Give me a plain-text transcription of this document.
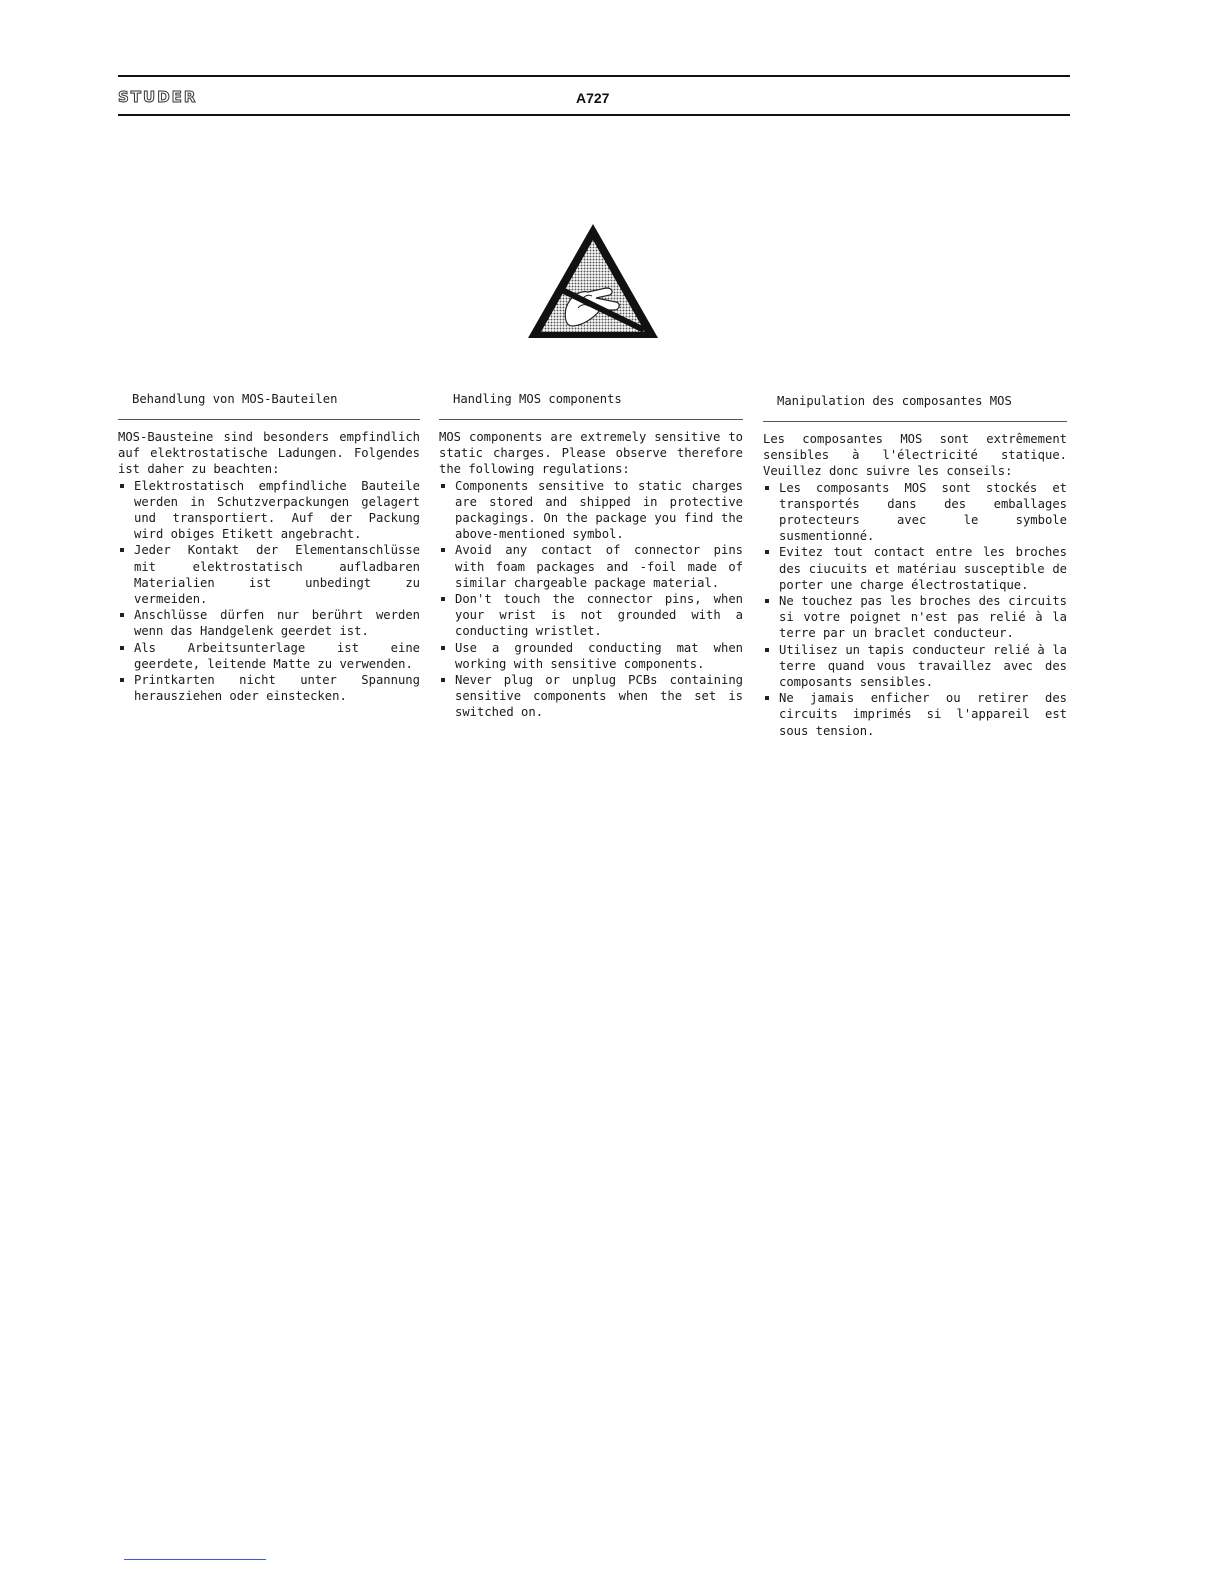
STUDER	A727
Behandlung von MOS-Bauteilen

MOS-Bausteine sind besonders empfindlich auf elektrostatische Ladungen. Folgendes ist daher zu beachten:

Elektrostatisch empfindliche Bauteile werden in Schutzverpackungen gelagert und transportiert. Auf der Packung wird obiges Etikett angebracht.
Jeder Kontakt der Elementanschlüsse mit elektrostatisch aufladbaren Materialien ist unbedingt zu vermeiden.
Anschlüsse dürfen nur berührt werden wenn das Handgelenk geerdet ist.
Als Arbeitsunterlage ist eine geerdete, leitende Matte zu verwenden.
Printkarten nicht unter Spannung herausziehen oder einstecken.
Handling MOS components

MOS components are extremely sensitive to static charges. Please observe therefore the following regulations:

Components sensitive to static charges are stored and shipped in protective packagings. On the package you find the above-mentioned symbol.
Avoid any contact of connector pins with foam packages and -foil made of similar chargeable package material.
Don't touch the connector pins, when your wrist is not grounded with a conducting wristlet.
Use a grounded conducting mat when working with sensitive components.
Never plug or unplug PCBs containing sensitive components when the set is switched on.
Manipulation des composantes MOS

Les composantes MOS sont extrêmement sensibles à l'électricité statique. Veuillez donc suivre les conseils:

Les composants MOS sont stockés et transportés dans des emballages protecteurs avec le symbole susmentionné.
Evitez tout contact entre les broches des ciucuits et matériau susceptible de porter une charge électrostatique.
Ne touchez pas les broches des circuits si votre poignet n'est pas relié à la terre par un braclet conducteur.
Utilisez un tapis conducteur relié à la terre quand vous travaillez avec des composants sensibles.
Ne jamais enficher ou retirer des circuits imprimés si l'appareil est sous tension.
